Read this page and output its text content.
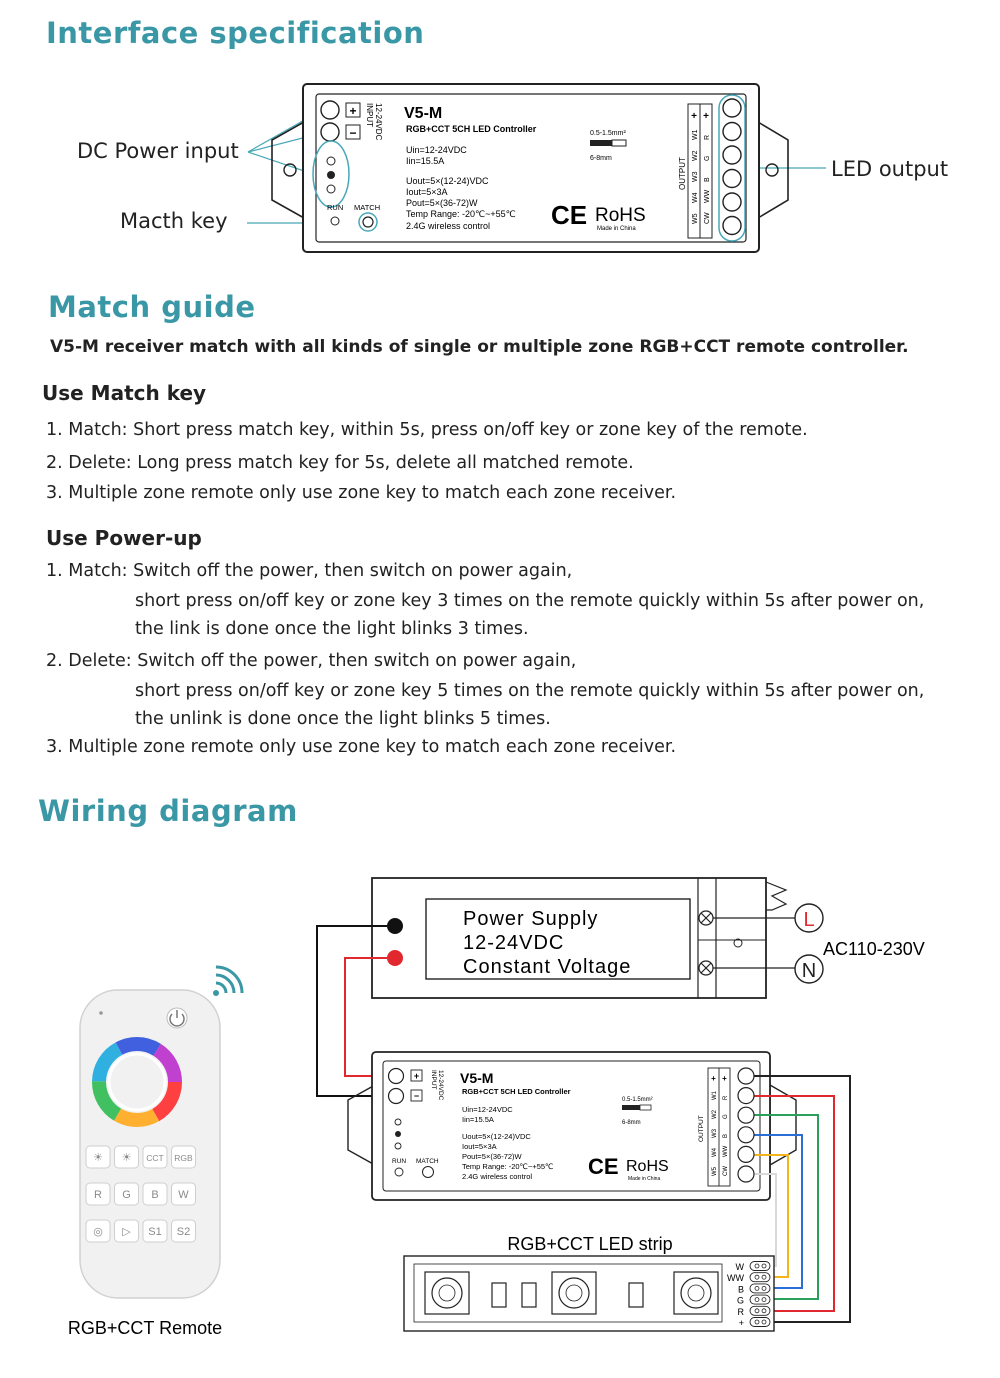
Interface specification
DC Power input
Macth key
LED output
+
−
RUN MATCH
INPUT 12-24VDC V5-M
RGB+CCT 5CH LED Controller
Uin=12-24VDC
Iin=15.5A
Uout=5×(12-24)VDC
Iout=5×3A
Pout=5×(36-72)W
Temp Range: -20℃~+55℃
2.4G wireless control
0.5-1.5mm²
6-8mm
CE RoHS
Made in China
OUTPUT
+ +
W1 R
W2 G
W3 B
W4 WW
W5 CW
Match guide
V5-M receiver match with all kinds of single or multiple zone RGB+CCT remote controller.
Use Match key
1. Match: Short press match key, within 5s, press on/off key or zone key of the remote.
2. Delete: Long press match key for 5s, delete all matched remote.
3. Multiple zone remote only use zone key to match each zone receiver.
Use Power-up
1. Match: Switch off the power, then switch on power again,
short press on/off key or zone key 3 times on the remote quickly within 5s after power on,
the link is done once the light blinks 3 times.
2. Delete: Switch off the power, then switch on power again,
short press on/off key or zone key 5 times on the remote quickly within 5s after power on,
the unlink is done once the light blinks 5 times.
3. Multiple zone remote only use zone key to match each zone receiver.
Wiring diagram
Power Supply
12-24VDC
Constant Voltage
L
N
AC110-230V
+
−
RUN MATCH
INPUT 12-24VDC V5-M
RGB+CCT 5CH LED Controller
Uin=12-24VDC
Iin=15.5A
Uout=5×(12-24)VDC
Iout=5×3A
Pout=5×(36-72)W
Temp Range: -20℃~+55℃
2.4G wireless control
0.5-1.5mm²
6-8mm
CE RoHS
Made in China
OUTPUT
+ +
W1 R
W2 G
W3 B
W4 WW
W5 CW
RGB+CCT LED strip
W
WW
B
G
R
+
☀ ☀ CCT RGB
R G B W
◎ ▷ S1 S2
RGB+CCT Remote
